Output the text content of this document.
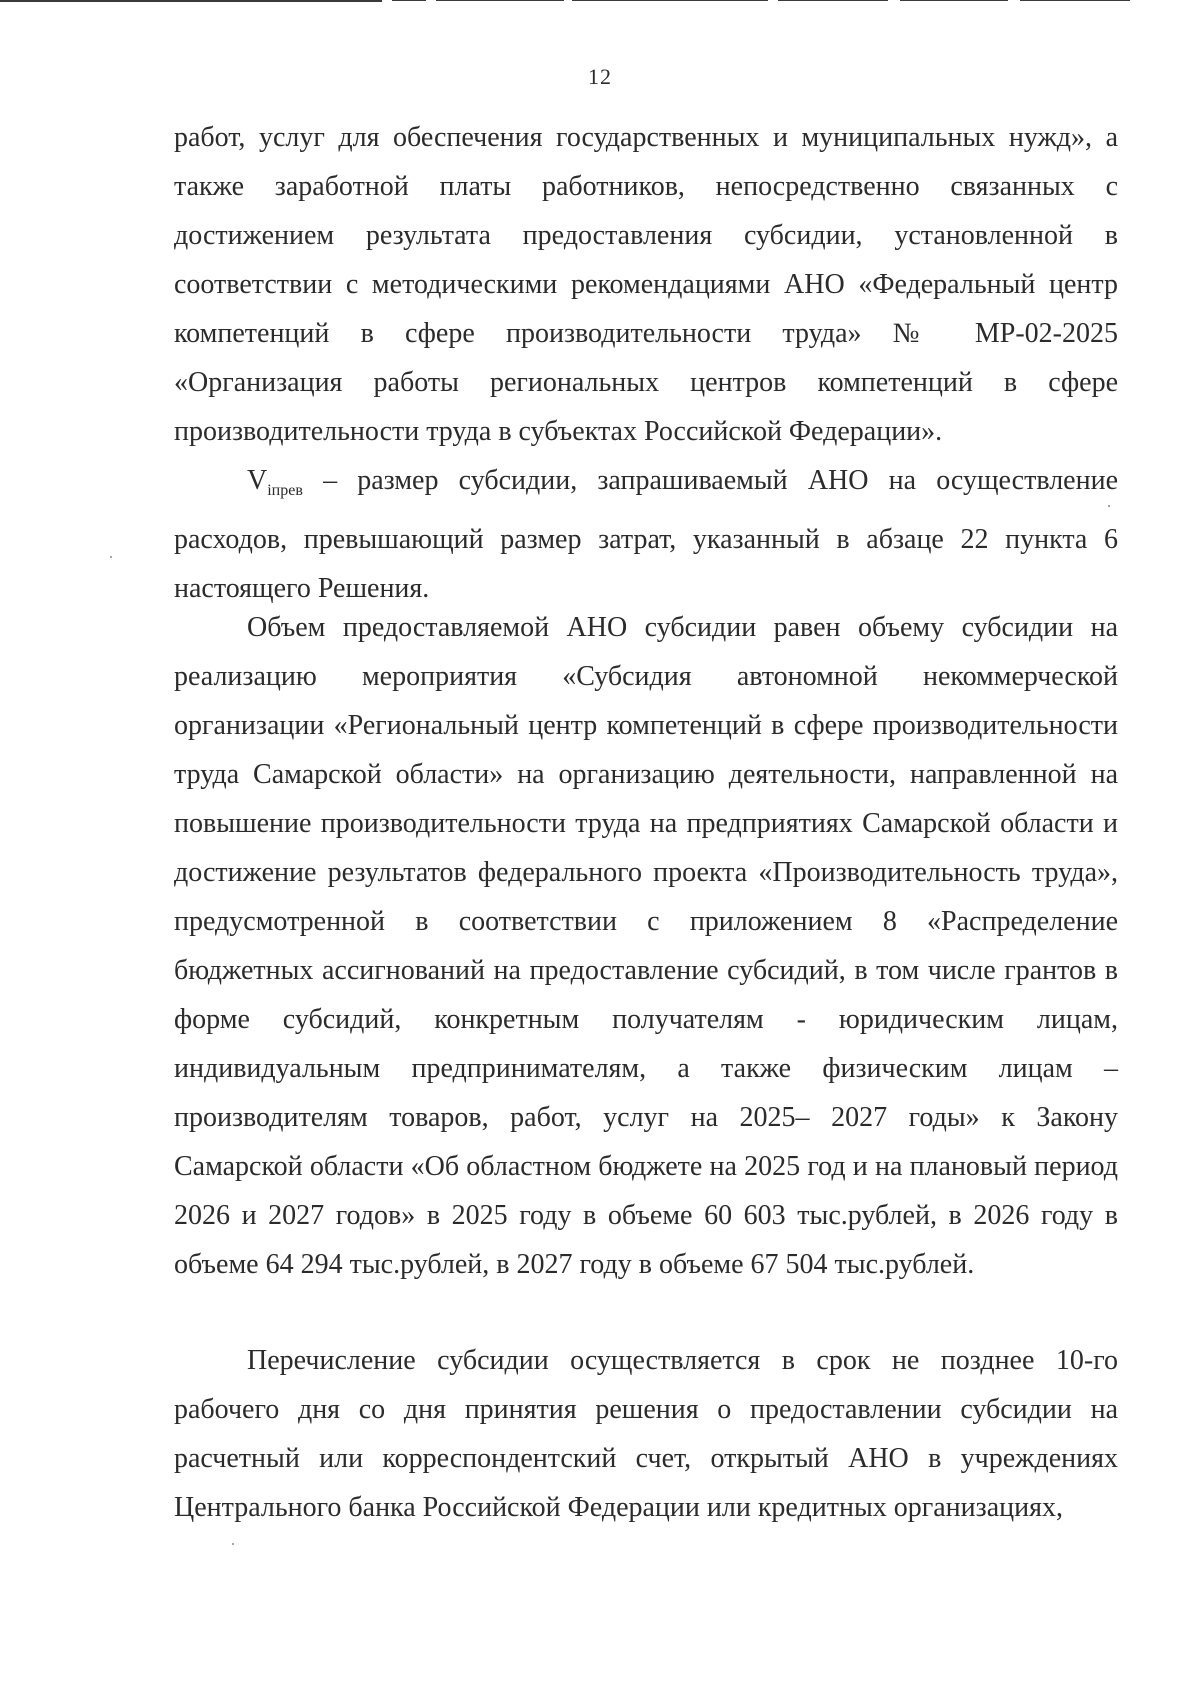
12
работ, услуг для обеспечения государственных и муниципальных нужд», а также заработной платы работников, непосредственно связанных с достижением результата предоставления субсидии, установленной в соответствии с методическими рекомендациями АНО «Федеральный центр компетенций в сфере производительности труда» № МР-02-2025 «Организация работы региональных центров компетенций в сфере производительности труда в субъектах Российской Федерации».
$V_{іпрев}$ – размер субсидии, запрашиваемый АНО на осуществление расходов, превышающий размер затрат, указанный в абзаце 22 пункта 6 настоящего Решения.
Объем предоставляемой АНО субсидии равен объему субсидии на реализацию мероприятия «Субсидия автономной некоммерческой организации «Региональный центр компетенций в сфере производительности труда Самарской области» на организацию деятельности, направленной на повышение производительности труда на предприятиях Самарской области и достижение результатов федерального проекта «Производительность труда», предусмотренной в соответствии с приложением 8 «Распределение бюджетных ассигнований на предоставление субсидий, в том числе грантов в форме субсидий, конкретным получателям - юридическим лицам, индивидуальным предпринимателям, а также физическим лицам – производителям товаров, работ, услуг на 2025– 2027 годы» к Закону Самарской области «Об областном бюджете на 2025 год и на плановый период 2026 и 2027 годов» в 2025 году в объеме 60 603 тыс.рублей, в 2026 году в объеме 64 294 тыс.рублей, в 2027 году в объеме 67 504 тыс.рублей.
Перечисление субсидии осуществляется в срок не позднее 10-го рабочего дня со дня принятия решения о предоставлении субсидии на расчетный или корреспондентский счет, открытый АНО в учреждениях Центрального банка Российской Федерации или кредитных организациях,
